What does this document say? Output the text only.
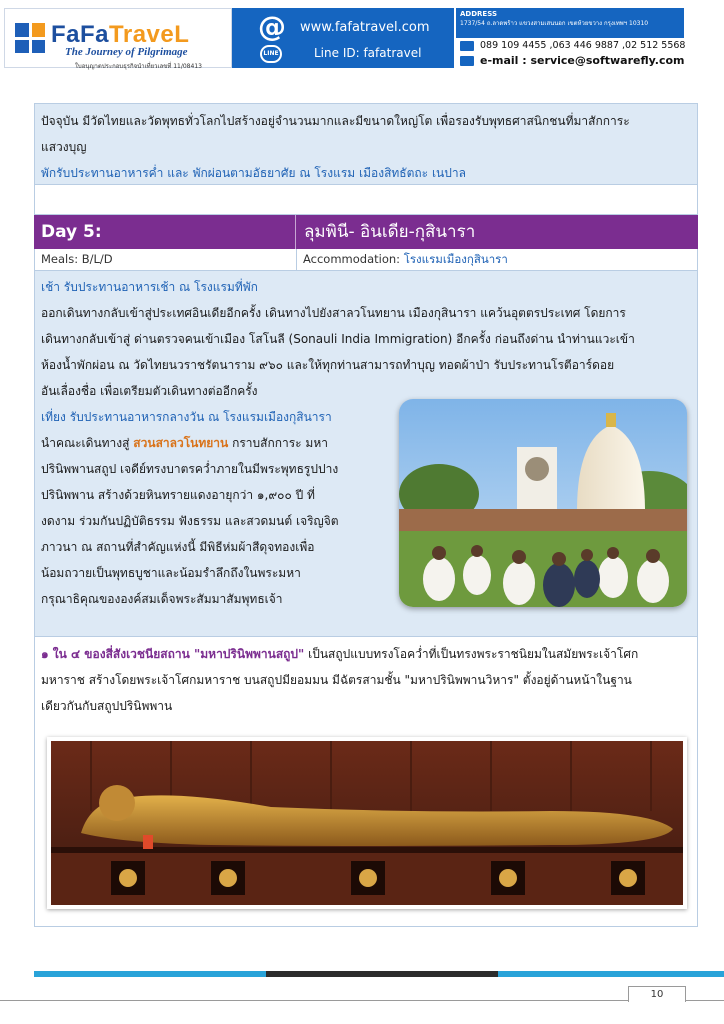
FaFaTraveL
The Journey of Pilgrimage
ใบอนุญาตประกอบธุรกิจนำเที่ยวเลขที่ 11/08413
@ www.fafatravel.com
LINE	Line ID: fafatravel
ADDRESS
1737/54 ถ.ลาดพร้าว แขวงสามเสนนอก เขตห้วยขวาง กรุงเทพฯ 10310
089 109 4455 ,063 446 9887 ,02 512 5568
e-mail : service@softwarefly.com
ปัจจุบัน มีวัดไทยและวัดพุทธทั่วโลกไปสร้างอยู่จำนวนมากและมีขนาดใหญ่โต เพื่อรองรับพุทธศาสนิกชนที่มาสักการะ
แสวงบุญ
พักรับประทานอาหารค่ำ และ พักผ่อนตามอัธยาศัย ณ โรงแรม เมืองสิทธัตถะ เนปาล
Day 5:	ลุมพินี- อินเดีย-กุสินารา
Meals: B/L/D	Accommodation: โรงแรมเมืองกุสินารา
เช้า รับประทานอาหารเช้า ณ โรงแรมที่พัก
ออกเดินทางกลับเข้าสู่ประเทศอินเดียอีกครั้ง เดินทางไปยังสาลวโนทยาน เมืองกุสินารา แคว้นอุตตรประเทศ โดยการ
เดินทางกลับเข้าสู่ ด่านตรวจคนเข้าเมือง โสโนลี (Sonauli India Immigration) อีกครั้ง ก่อนถึงด่าน นำท่านแวะเข้า
ห้องน้ำพักผ่อน ณ วัดไทยนวราชรัตนาราม ๙๖๐ และให้ทุกท่านสามารถทำบุญ ทอดผ้าป่า รับประทานโรตีอาร์ดอย
อันเลื่องชื่อ เพื่อเตรียมตัวเดินทางต่ออีกครั้ง
เที่ยง รับประทานอาหารกลางวัน ณ โรงแรมเมืองกุสินารา
นำคณะเดินทางสู่ สวนสาลวโนทยาน กราบสักการะ มหา
ปรินิพพานสถูป เจดีย์ทรงบาตรคว่ำภายในมีพระพุทธรูปปาง
ปรินิพพาน สร้างด้วยหินทรายแดงอายุกว่า ๑,๙๐๐ ปี ที่
งดงาม ร่วมกันปฏิบัติธรรม ฟังธรรม และสวดมนต์ เจริญจิต
ภาวนา ณ สถานที่สำคัญแห่งนี้ มีพิธีห่มผ้าสีดุจทองเพื่อ
น้อมถวายเป็นพุทธบูชาและน้อมรำลึกถึงในพระมหา
กรุณาธิคุณขององค์สมเด็จพระสัมมาสัมพุทธเจ้า
๑ ใน ๔ ของสี่สังเวชนียสถาน "มหาปรินิพพานสถูป" เป็นสถูปแบบทรงโอคว่ำที่เป็นทรงพระราชนิยมในสมัยพระเจ้าโศก
มหาราช สร้างโดยพระเจ้าโศกมหาราช บนสถูปมียอมมน มีฉัตรสามชั้น "มหาปรินิพพานวิหาร" ตั้งอยู่ด้านหน้าในฐาน
เดียวกันกับสถูปปรินิพพาน
10
